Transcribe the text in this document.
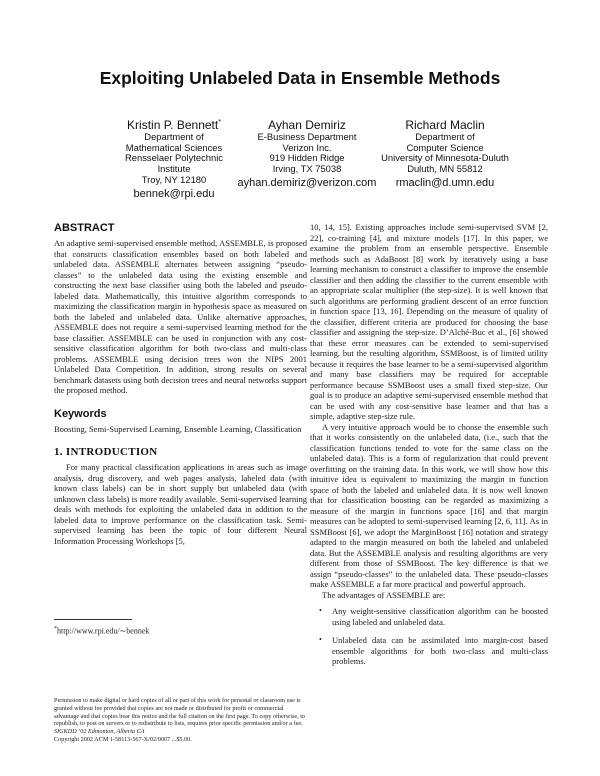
Exploiting Unlabeled Data in Ensemble Methods
Kristin P. Bennett*
Department of
Mathematical Sciences
Rensselaer Polytechnic
Institute
Troy, NY 12180
bennek@rpi.edu
Ayhan Demiriz
E-Business Department
Verizon Inc.
919 Hidden Ridge
Irving, TX 75038
ayhan.demiriz@verizon.com
Richard Maclin
Department of
Computer Science
University of Minnesota-Duluth
Duluth, MN 55812
rmaclin@d.umn.edu
ABSTRACT

An adaptive semi-supervised ensemble method, ASSEMBLE, is proposed that constructs classification ensembles based on both labeled and unlabeled data. ASSEMBLE alternates between assigning “pseudo-classes” to the unlabeled data using the existing ensemble and constructing the next base classifier using both the labeled and pseudo-labeled data. Mathematically, this intuitive algorithm corresponds to maximizing the classification margin in hypothesis space as measured on both the labeled and unlabeled data. Unlike alternative approaches, ASSEMBLE does not require a semi-supervised learning method for the base classifier. ASSEMBLE can be used in conjunction with any cost-sensitive classification algorithm for both two-class and multi-class problems. ASSEMBLE using decision trees won the NIPS 2001 Unlabeled Data Competition. In addition, strong results on several benchmark datasets using both decision trees and neural networks support the proposed method.

Keywords

Boosting, Semi-Supervised Learning, Ensemble Learning, Classification

1. INTRODUCTION

For many practical classification applications in areas such as image analysis, drug discovery, and web pages analysis, labeled data (with known class labels) can be in short supply but unlabeled data (with unknown class labels) is more readily available. Semi-supervised learning deals with methods for exploiting the unlabeled data in addition to the labeled data to improve performance on the classification task. Semi-supervised learning has been the topic of four different Neural Information Processing Workshops [5,

*http://www.rpi.edu/∼bennek

Permission to make digital or hard copies of all or part of this work for personal or classroom use is granted without fee provided that copies are not made or distributed for profit or commercial advantage and that copies bear this notice and the full citation on the first page. To copy otherwise, to republish, to post on servers or to redistribute to lists, requires prior specific permission and/or a fee.

SIGKDD ’02 Edmonton, Alberta CA

Copyright 2002 ACM 1-58113-567-X/02/0007 ...$5.00.

10, 14, 15]. Existing approaches include semi-supervised SVM [2, 22], co-training [4], and mixture models [17]. In this paper, we examine the problem from an ensemble perspective. Ensemble methods such as AdaBoost [8] work by iteratively using a base learning mechanism to construct a classifier to improve the ensemble classifier and then adding the classifier to the current ensemble with an appropriate scalar multiplier (the step-size). It is well known that such algorithms are performing gradient descent of an error function in function space [13, 16]. Depending on the measure of quality of the classifier, different criteria are produced for choosing the base classifier and assigning the step-size. D’Alché-Buc et al., [6] showed that these error measures can be extended to semi-supervised learning, but the resulting algorithm, SSMBoost, is of limited utility because it requires the base learner to be a semi-supervised algorithm and many base classifiers may be required for acceptable performance because SSMBoost uses a small fixed step-size. Our goal is to produce an adaptive semi-supervised ensemble method that can be used with any cost-sensitive base learner and that has a simple, adaptive step-size rule.

A very intuitive approach would be to choose the ensemble such that it works consistently on the unlabeled data, (i.e., such that the classification functions tended to vote for the same class on the unlabeled data). This is a form of regularization that could prevent overfitting on the training data. In this work, we will show how this intuitive idea is equivalent to maximizing the margin in function space of both the labeled and unlabeled data. It is now well known that for classification boosting can be regarded as maximizing a measure of the margin in functions space [16] and that margin measures can be adopted to semi-supervised learning [2, 6, 11]. As in SSMBoost [6], we adopt the MarginBoost [16] notation and strategy adapted to the margin measured on both the labeled and unlabeled data. But the ASSEMBLE analysis and resulting algorithms are very different from those of SSMBoost. The key difference is that we assign “pseudo-classes” to the unlabeled data. These pseudo-classes make ASSEMBLE a far more practical and powerful approach.

The advantages of ASSEMBLE are:

• Any weight-sensitive classification algorithm can be boosted using labeled and unlabeled data.
• Unlabeled data can be assimilated into margin-cost based ensemble algorithms for both two-class and multi-class problems.
